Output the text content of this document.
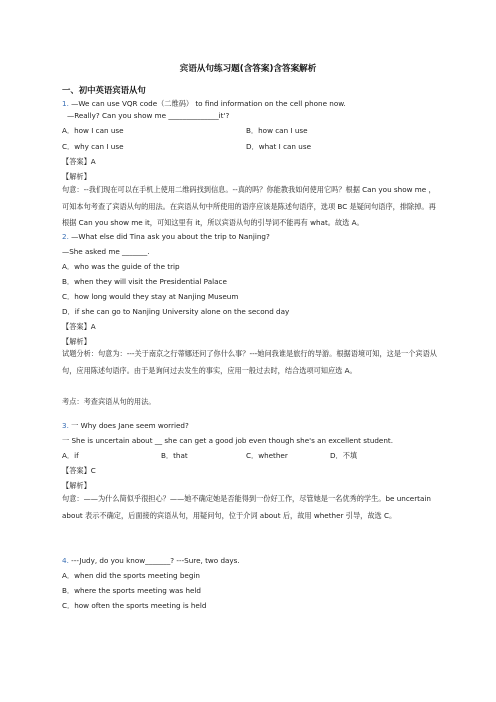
宾语从句练习题(含答案)含答案解析
一、初中英语宾语从句
1. —We can use VQR code（二维码） to find information on the cell phone now.
—Really? Can you show me ______________it'?
A．how I can use	B．how can I use
C．why can I use	D．what I can use
【答案】A
【解析】
句意：--我们现在可以在手机上使用二维码找到信息。--真的吗？你能教我如何使用它吗？根据 Can you show me ，可知本句考查了宾语从句的用法。在宾语从句中所使用的语序应该是陈述句语序，选项 BC 是疑问句语序，排除掉。再根据 Can you show me it，可知这里有 it，所以宾语从句的引导词不能再有 what。故选 A。
2. —What else did Tina ask you about the trip to Nanjing?
—She asked me _______.
A．who was the guide of the trip
B．when they will visit the Presidential Palace
C．how long would they stay at Nanjing Museum
D．if she can go to Nanjing University alone on the second day
【答案】A
【解析】
试题分析：句意为：---关于南京之行蒂娜还问了你什么事？---她问我谁是旅行的导游。根据语境可知，这是一个宾语从句，应用陈述句语序。由于是询问过去发生的事实，应用一般过去时，结合选项可知应选 A。
考点：考查宾语从句的用法。
3. 一 Why does Jane seem worried?
一 She is uncertain about __ she can get a good job even though she's an excellent student.
A．if	B．that	C．whether	D．不填
【答案】C
【解析】
句意：——为什么简似乎很担心？——她不确定她是否能得到一份好工作，尽管她是一名优秀的学生。be uncertain about 表示不确定，后面接的宾语从句，用疑问句，位于介词 about 后，故用 whether 引导，故选 C。
4. ---Judy, do you know_______? ---Sure, two days.
A．when did the sports meeting begin
B．where the sports meeting was held
C．how often the sports meeting is held
